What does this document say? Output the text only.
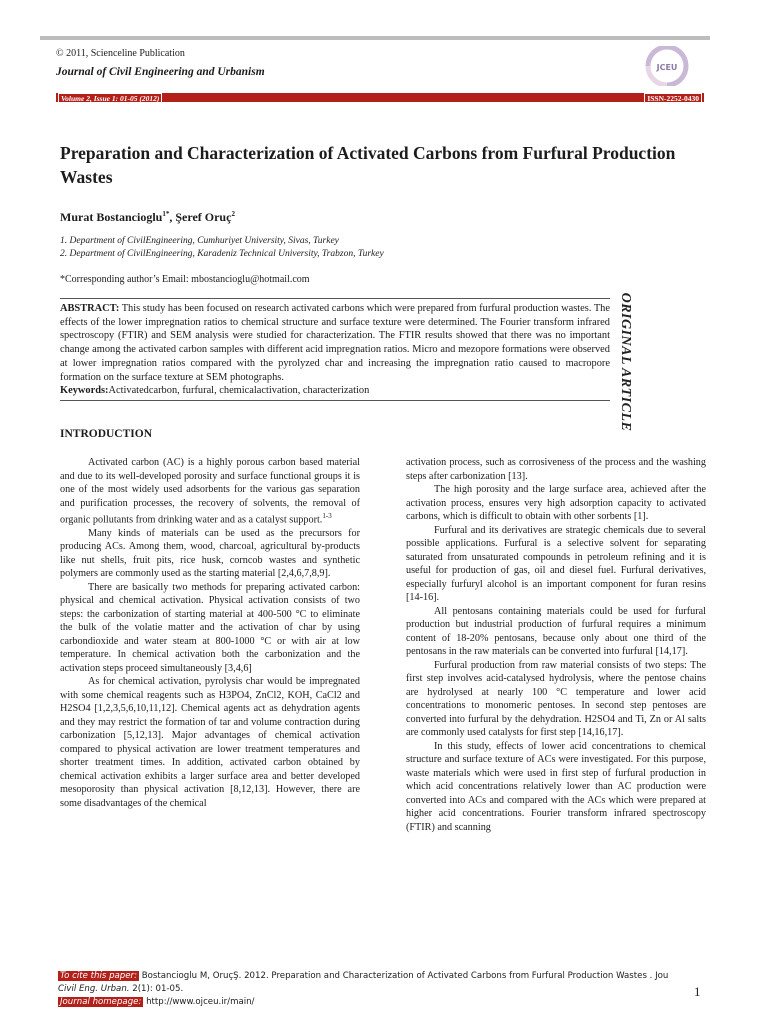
© 2011, Scienceline Publication
Journal of Civil Engineering and Urbanism	JCEU
Volume 2, Issue 1: 01-05 (2012)	ISSN-2252-0430
Preparation and Characterization of Activated Carbons from Furfural Production Wastes
Murat Bostancioglu$^{1*}$, Şeref Oruç$^2$
1. Department of CivilEngineering, Cumhuriyet University, Sivas, Turkey
2. Department of CivilEngineering, Karadeniz Technical University, Trabzon, Turkey
*Corresponding author’s Email: mbostancioglu@hotmail.com
ABSTRACT: This study has been focused on research activated carbons which were prepared from furfural production wastes. The effects of the lower impregnation ratios to chemical structure and surface texture were determined. The Fourier transform infrared spectroscopy (FTIR) and SEM analysis were studied for characterization. The FTIR results showed that there was no important change among the activated carbon samples with different acid impregnation ratios. Micro and mezopore formations were observed at lower impregnation ratios compared with the pyrolyzed char and increasing the impregnation ratio caused to macropore formation on the surface texture at SEM photographs.
Keywords:Activatedcarbon, furfural, chemicalactivation, characterization	ORIGINAL ARTICLE
INTRODUCTION

Activated carbon (AC) is a highly porous carbon based material and due to its well-developed porosity and surface functional groups it is one of the most widely used adsorbents for the various gas separation and purification processes, the recovery of solvents, the removal of organic pollutants from drinking water and as a catalyst support.$^{1-3}$

Many kinds of materials can be used as the precursors for producing ACs. Among them, wood, charcoal, agricultural by-products like nut shells, fruit pits, rice husk, corncob wastes and synthetic polymers are commonly used as the starting material [2,4,6,7,8,9].

There are basically two methods for preparing activated carbon: physical and chemical activation. Physical activation consists of two steps: the carbonization of starting material at 400-500 °C to eliminate the bulk of the volatie matter and the activation of char by using carbondioxide and water steam at 800-1000 °C or with air at low temperature. In chemical activation both the carbonization and the activation steps proceed simultaneously [3,4,6]

As for chemical activation, pyrolysis char would be impregnated with some chemical reagents such as H3PO4, ZnCl2, KOH, CaCl2 and H2SO4 [1,2,3,5,6,10,11,12]. Chemical agents act as dehydration agents and they may restrict the formation of tar and volume contraction during carbonization [5,12,13]. Major advantages of chemical activation compared to physical activation are lower treatment temperatures and shorter treatment times. In addition, activated carbon obtained by chemical activation exhibits a larger surface area and better developed mesoporosity than physical activation [8,12,13]. However, there are some disadvantages of the chemical

activation process, such as corrosiveness of the process and the washing steps after carbonization [13].

The high porosity and the large surface area, achieved after the activation process, ensures very high adsorption capacity to activated carbons, which is difficult to obtain with other sorbents [1].

Furfural and its derivatives are strategic chemicals due to several possible applications. Furfural is a selective solvent for separating saturated from unsaturated compounds in petroleum refining and it is useful for production of gas, oil and diesel fuel. Furfural derivatives, especially furfuryl alcohol is an important component for furan resins [14-16].

All pentosans containing materials could be used for furfural production but industrial production of furfural requires a minimum content of 18-20% pentosans, because only about one third of the pentosans in the raw materials can be converted into furfural [14,17].

Furfural production from raw material consists of two steps: The first step involves acid-catalysed hydrolysis, where the pentose chains are hydrolysed at nearly 100 °C temperature and lower acid concentrations to monomeric pentoses. In second step pentoses are converted into furfural by the dehydration. H2SO4 and Ti, Zn or Al salts are commonly used catalysts for first step [14,16,17].

In this study, effects of lower acid concentrations to chemical structure and surface texture of ACs were investigated. For this purpose, waste materials which were used in first step of furfural production in which acid concentrations relatively lower than AC production were converted into ACs and compared with the ACs which were prepared at higher acid concentrations. Fourier transform infrared spectroscopy (FTIR) and scanning

To cite this paper: Bostancioglu M, OruçŞ. 2012. Preparation and Characterization of Activated Carbons from Furfural Production Wastes . Jou
Civil Eng. Urban. 2(1): 01-05.
Journal homepage: http://www.ojceu.ir/main/
1
